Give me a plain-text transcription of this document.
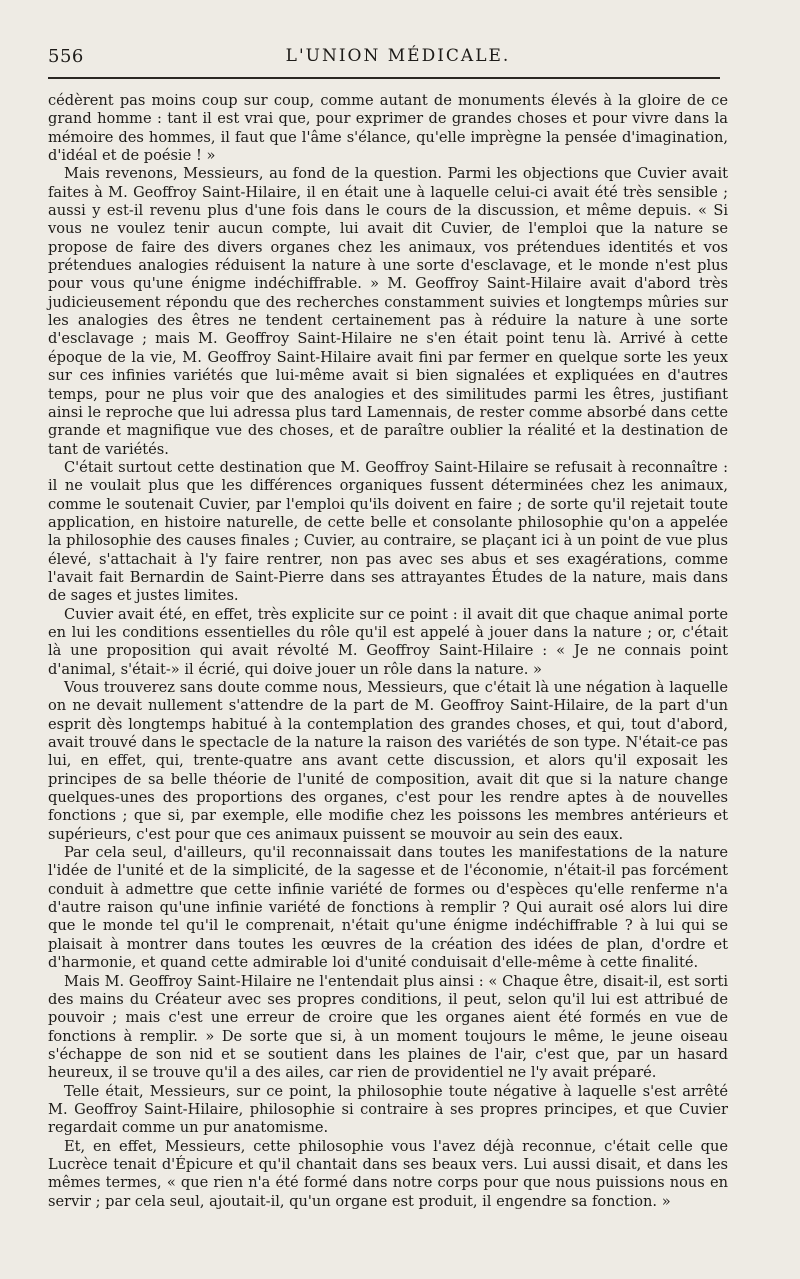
556	L'UNION MÉDICALE.

cédèrent pas moins coup sur coup, comme autant de monuments élevés à la gloire de ce grand homme : tant il est vrai que, pour exprimer de grandes choses et pour vivre dans la mémoire des hommes, il faut que l'âme s'élance, qu'elle imprègne la pensée d'imagination, d'idéal et de poésie ! »

Mais revenons, Messieurs, au fond de la question. Parmi les objections que Cuvier avait faites à M. Geoffroy Saint-Hilaire, il en était une à laquelle celui-ci avait été très sensible ; aussi y est-il revenu plus d'une fois dans le cours de la discussion, et même depuis. « Si vous ne voulez tenir aucun compte, lui avait dit Cuvier, de l'emploi que la nature se propose de faire des divers organes chez les animaux, vos prétendues identités et vos prétendues analogies réduisent la nature à une sorte d'esclavage, et le monde n'est plus pour vous qu'une énigme indéchiffrable. » M. Geoffroy Saint-Hilaire avait d'abord très judicieusement répondu que des recherches constamment suivies et longtemps mûries sur les analogies des êtres ne tendent certainement pas à réduire la nature à une sorte d'esclavage ; mais M. Geoffroy Saint-Hilaire ne s'en était point tenu là. Arrivé à cette époque de la vie, M. Geoffroy Saint-Hilaire avait fini par fermer en quelque sorte les yeux sur ces infinies variétés que lui-même avait si bien signalées et expliquées en d'autres temps, pour ne plus voir que des analogies et des similitudes parmi les êtres, justifiant ainsi le reproche que lui adressa plus tard Lamennais, de rester comme absorbé dans cette grande et magnifique vue des choses, et de paraître oublier la réalité et la destination de tant de variétés.

C'était surtout cette destination que M. Geoffroy Saint-Hilaire se refusait à reconnaître : il ne voulait plus que les différences organiques fussent déterminées chez les animaux, comme le soutenait Cuvier, par l'emploi qu'ils doivent en faire ; de sorte qu'il rejetait toute application, en histoire naturelle, de cette belle et consolante philosophie qu'on a appelée la philosophie des causes finales ; Cuvier, au contraire, se plaçant ici à un point de vue plus élevé, s'attachait à l'y faire rentrer, non pas avec ses abus et ses exagérations, comme l'avait fait Bernardin de Saint-Pierre dans ses attrayantes Études de la nature, mais dans de sages et justes limites.

Cuvier avait été, en effet, très explicite sur ce point : il avait dit que chaque animal porte en lui les conditions essentielles du rôle qu'il est appelé à jouer dans la nature ; or, c'était là une proposition qui avait révolté M. Geoffroy Saint-Hilaire : « Je ne connais point d'animal, s'était-» il écrié, qui doive jouer un rôle dans la nature. »

Vous trouverez sans doute comme nous, Messieurs, que c'était là une négation à laquelle on ne devait nullement s'attendre de la part de M. Geoffroy Saint-Hilaire, de la part d'un esprit dès longtemps habitué à la contemplation des grandes choses, et qui, tout d'abord, avait trouvé dans le spectacle de la nature la raison des variétés de son type. N'était-ce pas lui, en effet, qui, trente-quatre ans avant cette discussion, et alors qu'il exposait les principes de sa belle théorie de l'unité de composition, avait dit que si la nature change quelques-unes des proportions des organes, c'est pour les rendre aptes à de nouvelles fonctions ; que si, par exemple, elle modifie chez les poissons les membres antérieurs et supérieurs, c'est pour que ces animaux puissent se mouvoir au sein des eaux.

Par cela seul, d'ailleurs, qu'il reconnaissait dans toutes les manifestations de la nature l'idée de l'unité et de la simplicité, de la sagesse et de l'économie, n'était-il pas forcément conduit à admettre que cette infinie variété de formes ou d'espèces qu'elle renferme n'a d'autre raison qu'une infinie variété de fonctions à remplir ? Qui aurait osé alors lui dire que le monde tel qu'il le comprenait, n'était qu'une énigme indéchiffrable ? à lui qui se plaisait à montrer dans toutes les œuvres de la création des idées de plan, d'ordre et d'harmonie, et quand cette admirable loi d'unité conduisait d'elle-même à cette finalité.

Mais M. Geoffroy Saint-Hilaire ne l'entendait plus ainsi : « Chaque être, disait-il, est sorti des mains du Créateur avec ses propres conditions, il peut, selon qu'il lui est attribué de pouvoir ; mais c'est une erreur de croire que les organes aient été formés en vue de fonctions à remplir. » De sorte que si, à un moment toujours le même, le jeune oiseau s'échappe de son nid et se soutient dans les plaines de l'air, c'est que, par un hasard heureux, il se trouve qu'il a des ailes, car rien de providentiel ne l'y avait préparé.

Telle était, Messieurs, sur ce point, la philosophie toute négative à laquelle s'est arrêté M. Geoffroy Saint-Hilaire, philosophie si contraire à ses propres principes, et que Cuvier regardait comme un pur anatomisme.

Et, en effet, Messieurs, cette philosophie vous l'avez déjà reconnue, c'était celle que Lucrèce tenait d'Épicure et qu'il chantait dans ses beaux vers. Lui aussi disait, et dans les mêmes termes, « que rien n'a été formé dans notre corps pour que nous puissions nous en servir ; par cela seul, ajoutait-il, qu'un organe est produit, il engendre sa fonction. »
